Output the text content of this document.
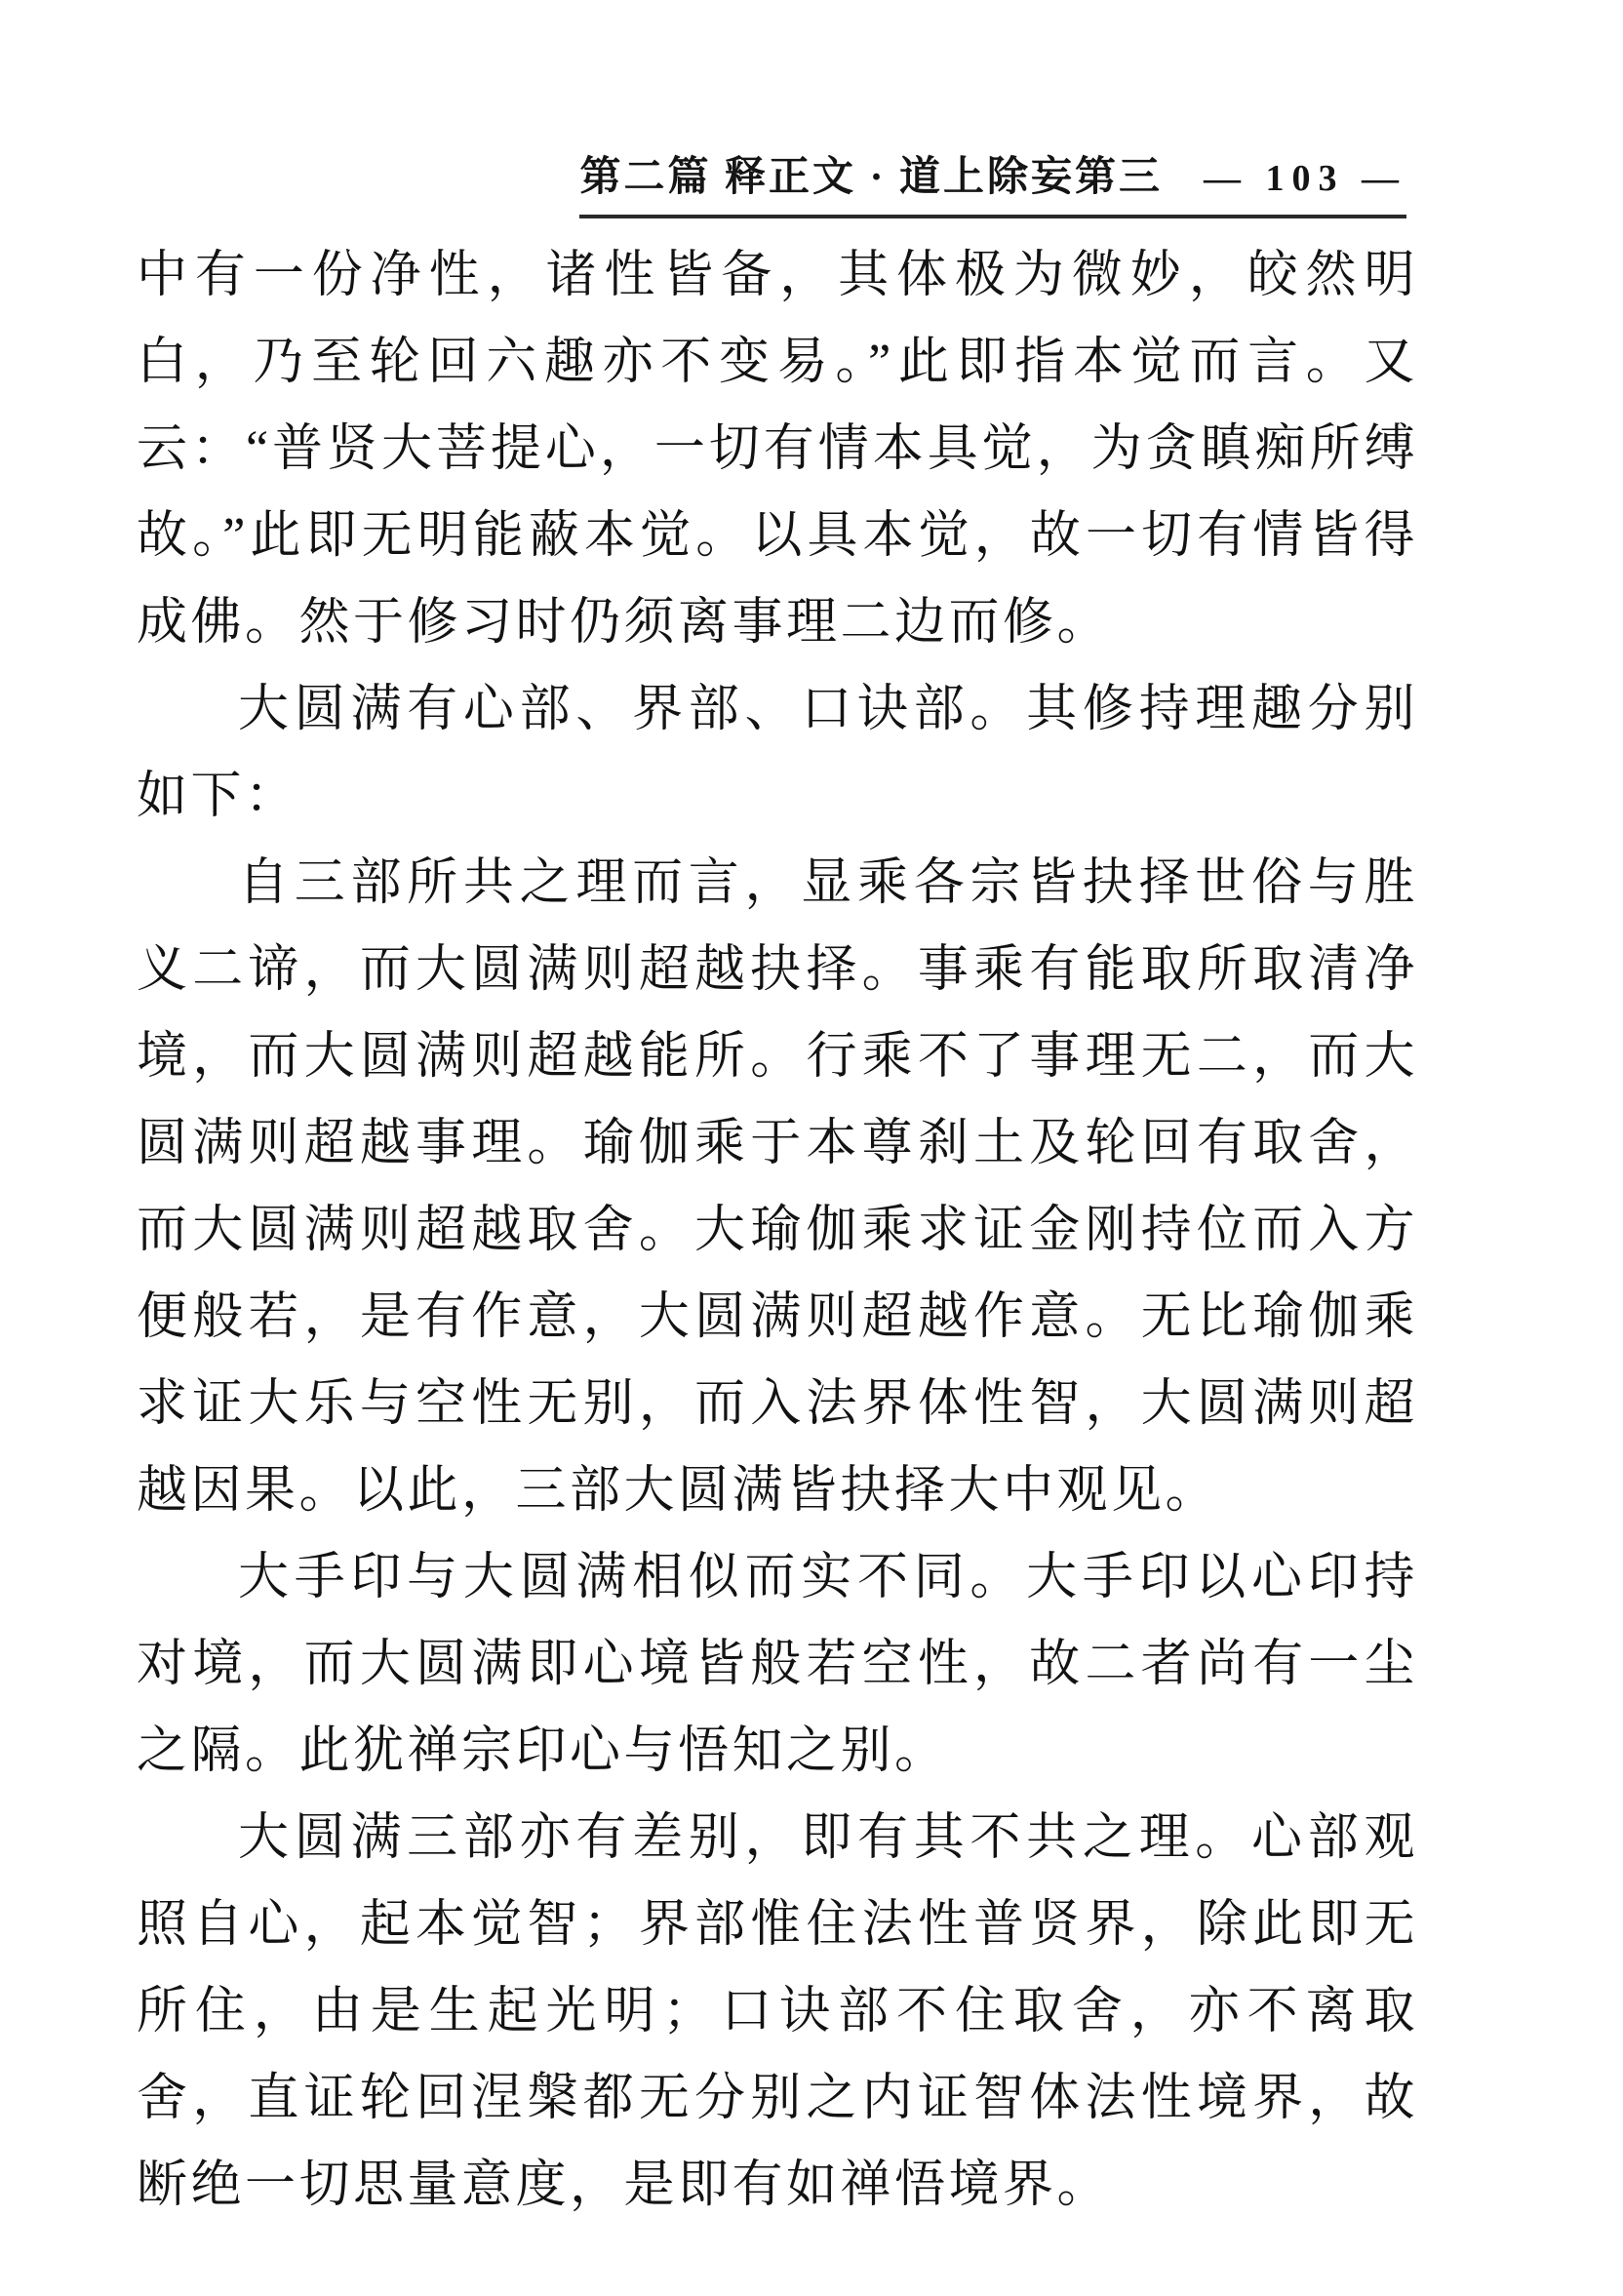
第二篇 释正文 · 道上除妄第三 — 103 —

中有一份净性，诸性皆备，其体极为微妙，皎然明白，乃至轮回六趣亦不变易。”此即指本觉而言。又云：“普贤大菩提心，一切有情本具觉，为贪瞋痴所缚故。”此即无明能蔽本觉。以具本觉，故一切有情皆得成佛。然于修习时仍须离事理二边而修。

大圆满有心部、界部、口诀部。其修持理趣分别如下：

自三部所共之理而言，显乘各宗皆抉择世俗与胜义二谛，而大圆满则超越抉择。事乘有能取所取清净境，而大圆满则超越能所。行乘不了事理无二，而大圆满则超越事理。瑜伽乘于本尊刹土及轮回有取舍，而大圆满则超越取舍。大瑜伽乘求证金刚持位而入方便般若，是有作意，大圆满则超越作意。无比瑜伽乘求证大乐与空性无别，而入法界体性智，大圆满则超越因果。以此，三部大圆满皆抉择大中观见。

大手印与大圆满相似而实不同。大手印以心印持对境，而大圆满即心境皆般若空性，故二者尚有一尘之隔。此犹禅宗印心与悟知之别。

大圆满三部亦有差别，即有其不共之理。心部观照自心，起本觉智；界部惟住法性普贤界，除此即无所住，由是生起光明；口诀部不住取舍，亦不离取舍，直证轮回涅槃都无分别之内证智体法性境界，故断绝一切思量意度，是即有如禅悟境界。
